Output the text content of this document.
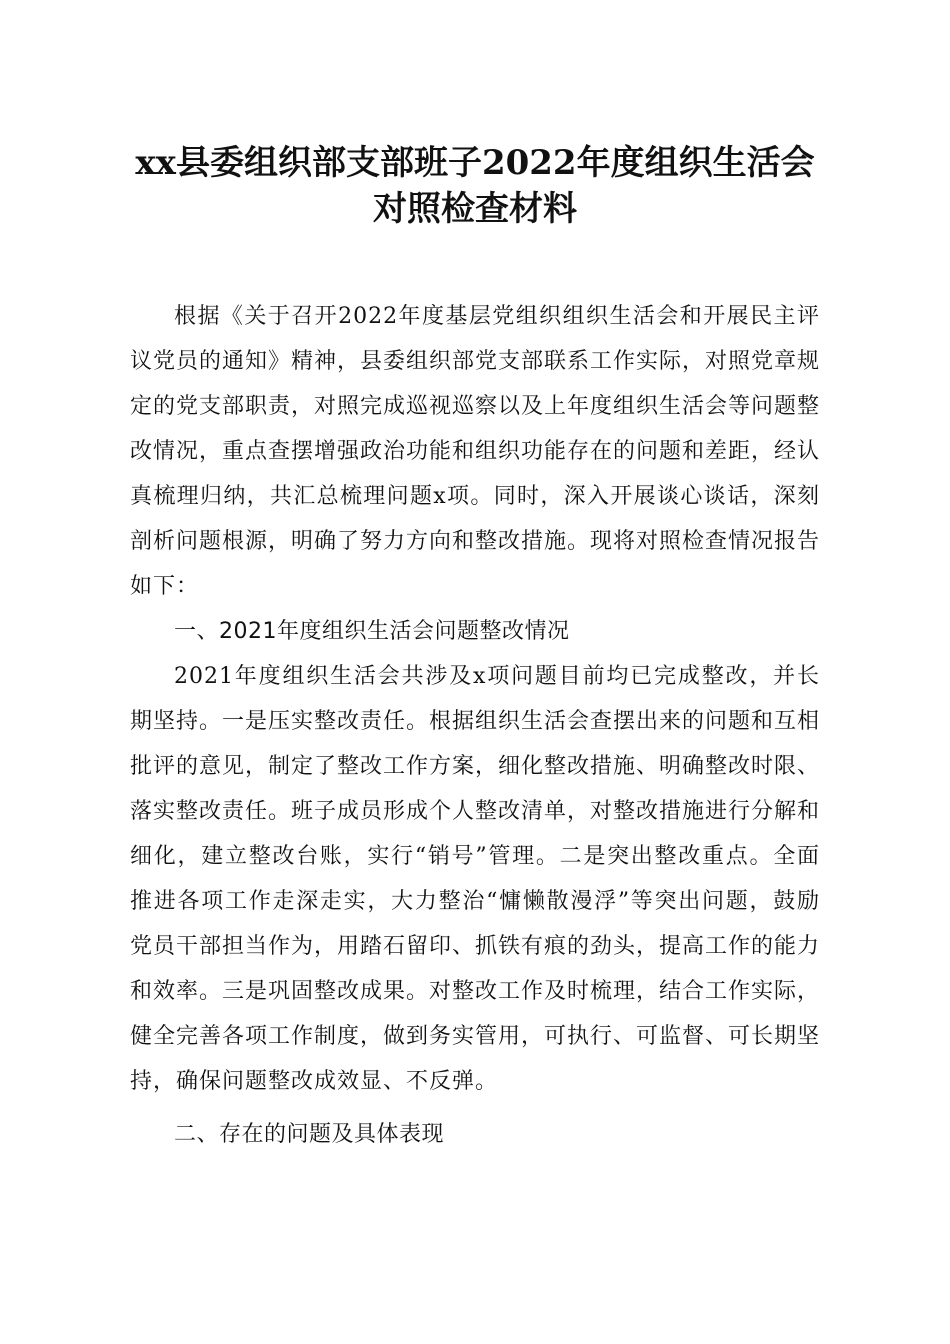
xx县委组织部支部班子2022年度组织生活会
对照检查材料

根据《关于召开2022年度基层党组织组织生活会和开展民主评议党员的通知》精神，县委组织部党支部联系工作实际，对照党章规定的党支部职责，对照完成巡视巡察以及上年度组织生活会等问题整改情况，重点查摆增强政治功能和组织功能存在的问题和差距，经认真梳理归纳，共汇总梳理问题x项。同时，深入开展谈心谈话，深刻剖析问题根源，明确了努力方向和整改措施。现将对照检查情况报告如下：

一、2021年度组织生活会问题整改情况

2021年度组织生活会共涉及x项问题目前均已完成整改，并长期坚持。一是压实整改责任。根据组织生活会查摆出来的问题和互相批评的意见，制定了整改工作方案，细化整改措施、明确整改时限、落实整改责任。班子成员形成个人整改清单，对整改措施进行分解和细化，建立整改台账，实行“销号”管理。二是突出整改重点。全面推进各项工作走深走实，大力整治“慵懒散漫浮”等突出问题，鼓励党员干部担当作为，用踏石留印、抓铁有痕的劲头，提高工作的能力和效率。三是巩固整改成果。对整改工作及时梳理，结合工作实际，健全完善各项工作制度，做到务实管用，可执行、可监督、可长期坚持，确保问题整改成效显、不反弹。

二、存在的问题及具体表现
